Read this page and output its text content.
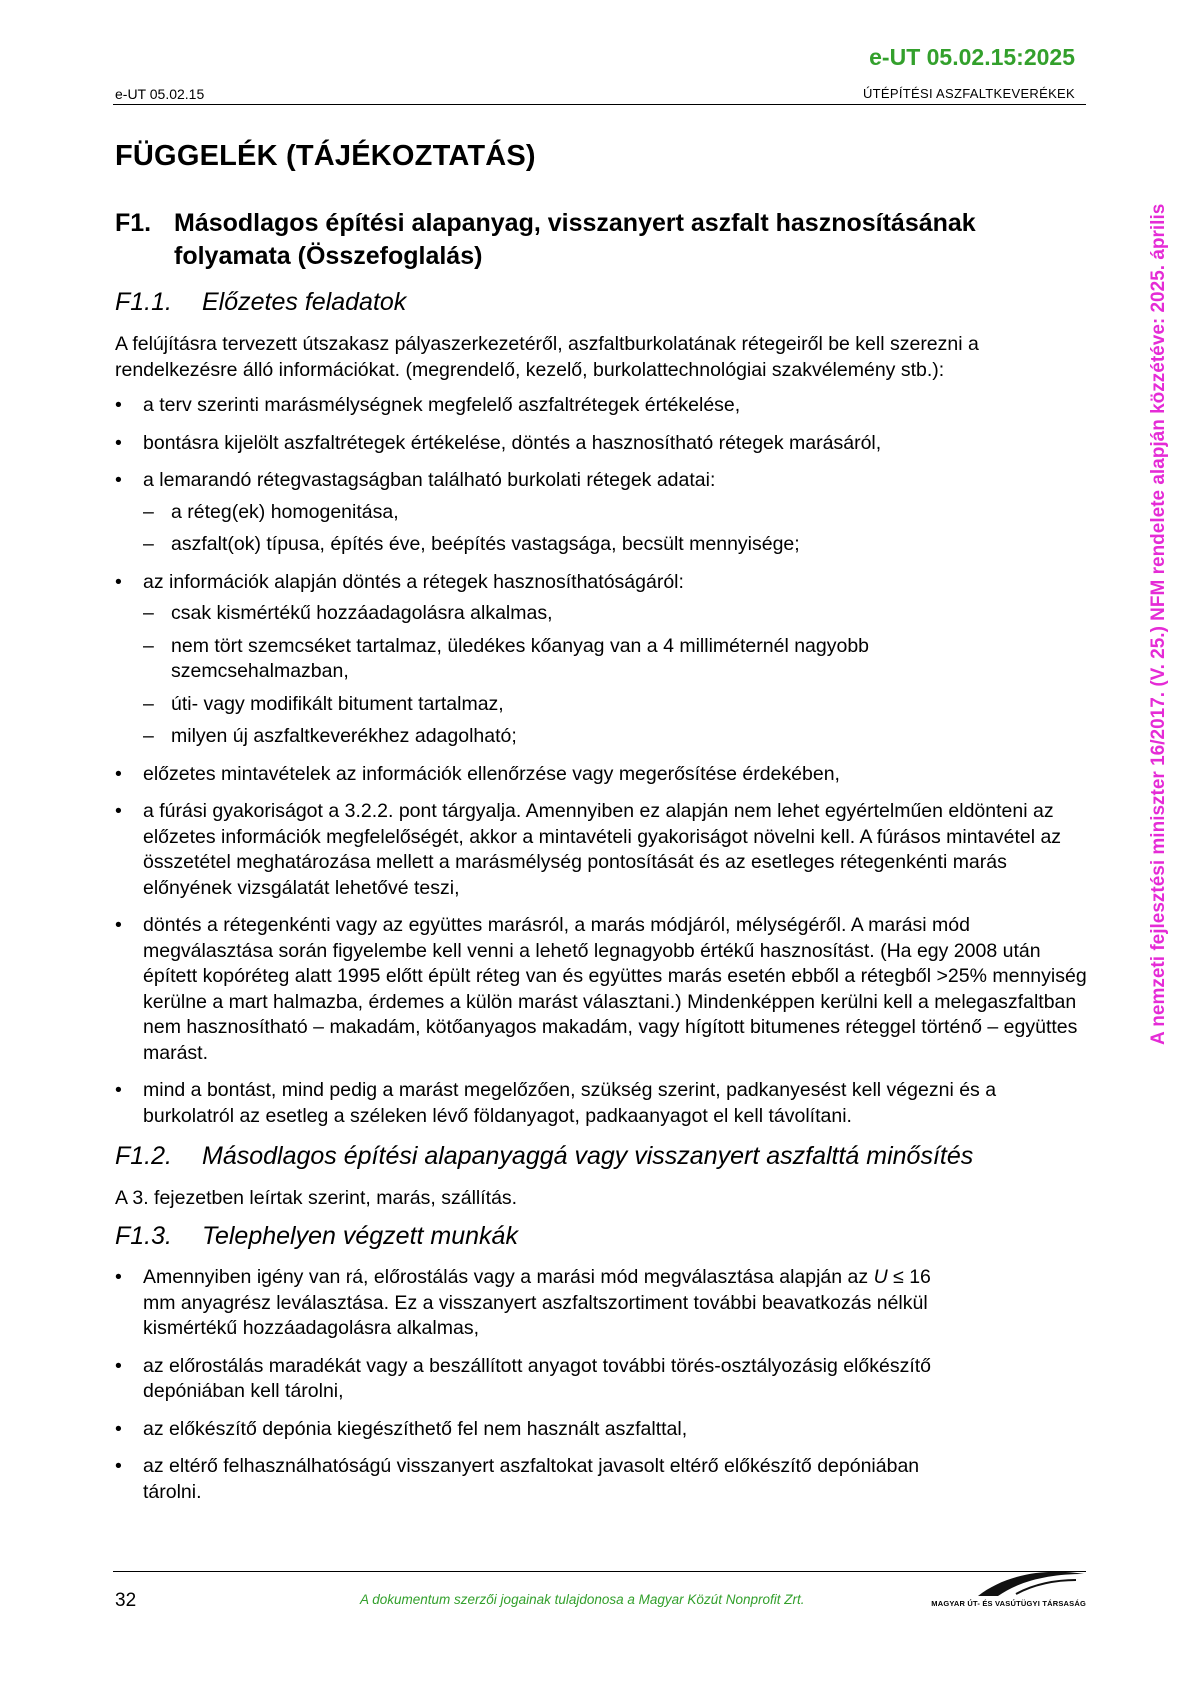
e-UT 05.02.15:2025
e-UT 05.02.15	ÚTÉPÍTÉSI ASZFALTKEVERÉKEK
FÜGGELÉK (TÁJÉKOZTATÁS)
F1. Másodlagos építési alapanyag, visszanyert aszfalt hasznosításának folyamata (Összefoglalás)
F1.1.	Előzetes feladatok

A felújításra tervezett útszakasz pályaszerkezetéről, aszfaltburkolatának rétegeiről be kell szerezni a rendelkezésre álló információkat. (megrendelő, kezelő, burkolattechnológiai szakvélemény stb.):

•	a terv szerinti marásmélységnek megfelelő aszfaltrétegek értékelése,
•	bontásra kijelölt aszfaltrétegek értékelése, döntés a hasznosítható rétegek marásáról,
•	a lemarandó rétegvastagságban található burkolati rétegek adatai:
– a réteg(ek) homogenitása,
– aszfalt(ok) típusa, építés éve, beépítés vastagsága, becsült mennyisége;
•	az információk alapján döntés a rétegek hasznosíthatóságáról:
– csak kismértékű hozzáadagolásra alkalmas,
– nem tört szemcséket tartalmaz, üledékes kőanyag van a 4 milliméternél nagyobb szemcsehalmazban,
– úti- vagy modifikált bitument tartalmaz,
– milyen új aszfaltkeverékhez adagolható;
•	előzetes mintavételek az információk ellenőrzése vagy megerősítése érdekében,
•	a fúrási gyakoriságot a 3.2.2. pont tárgyalja. Amennyiben ez alapján nem lehet egyértelműen eldönteni az előzetes információk megfelelőségét, akkor a mintavételi gyakoriságot növelni kell. A fúrásos mintavétel az összetétel meghatározása mellett a marásmélység pontosítását és az esetleges rétegenkénti marás előnyének vizsgálatát lehetővé teszi,
•	döntés a rétegenkénti vagy az együttes marásról, a marás módjáról, mélységéről. A marási mód megválasztása során figyelembe kell venni a lehető legnagyobb értékű hasznosítást. (Ha egy 2008 után épített kopóréteg alatt 1995 előtt épült réteg van és együttes marás esetén ebből a rétegből >25% mennyiség kerülne a mart halmazba, érdemes a külön marást választani.) Mindenképpen kerülni kell a melegaszfaltban nem hasznosítható – makadám, kötőanyagos makadám, vagy hígított bitumenes réteggel történő – együttes marást.
•	mind a bontást, mind pedig a marást megelőzően, szükség szerint, padkanyesést kell végezni és a burkolatról az esetleg a széleken lévő földanyagot, padkaanyagot el kell távolítani.
F1.2.	Másodlagos építési alapanyaggá vagy visszanyert aszfalttá minősítés

A 3. fejezetben leírtak szerint, marás, szállítás.

F1.3.	Telephelyen végzett munkák
•	Amennyiben igény van rá, előrostálás vagy a marási mód megválasztása alapján az U ≤ 16 mm anyagrész leválasztása. Ez a visszanyert aszfaltszortiment további beavatkozás nélkül kismértékű hozzáadagolásra alkalmas,
•	az előrostálás maradékát vagy a beszállított anyagot további törés-osztályozásig előkészítő depóniában kell tárolni,
•	az előkészítő depónia kiegészíthető fel nem használt aszfalttal,
•	az eltérő felhasználhatóságú visszanyert aszfaltokat javasolt eltérő előkészítő depóniában tárolni.
A nemzeti fejlesztési miniszter 16/2017. (V. 25.) NFM rendelete alapján közzétéve: 2025. április
32	A dokumentum szerzői jogainak tulajdonosa a Magyar Közút Nonprofit Zrt.	MAGYAR ÚT- ÉS VASÚTÜGYI TÁRSASÁG
